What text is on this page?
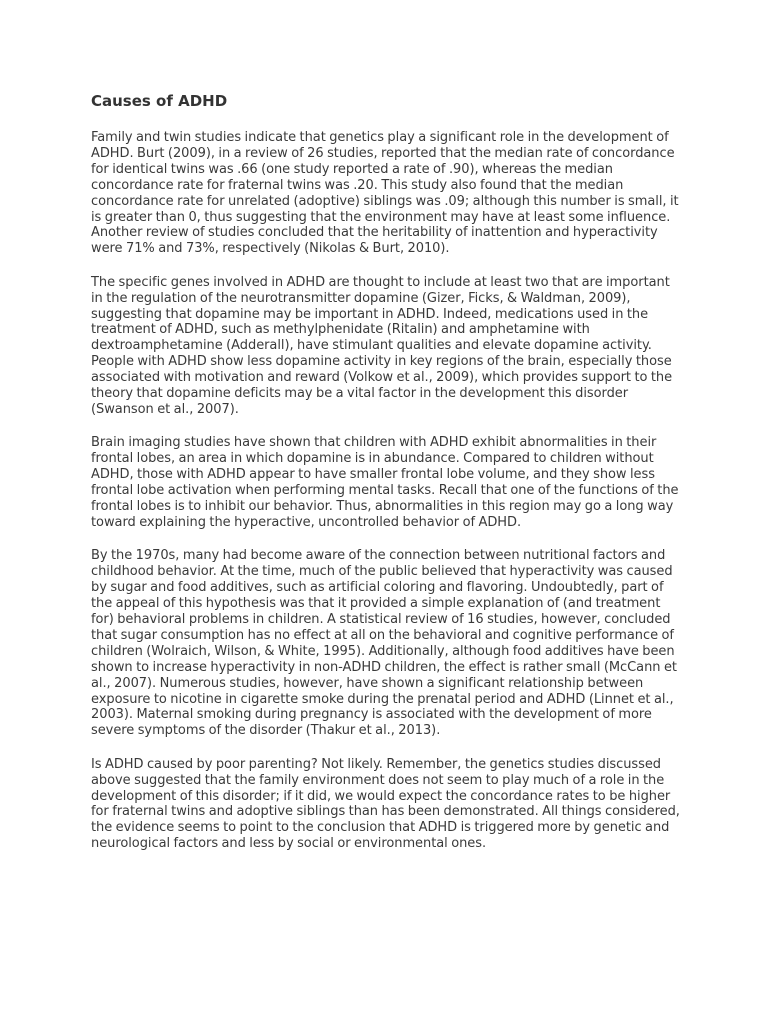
Causes of ADHD

Family and twin studies indicate that genetics play a significant role in the development of ADHD. Burt (2009), in a review of 26 studies, reported that the median rate of concordance for identical twins was .66 (one study reported a rate of .90), whereas the median concordance rate for fraternal twins was .20. This study also found that the median concordance rate for unrelated (adoptive) siblings was .09; although this number is small, it is greater than 0, thus suggesting that the environment may have at least some influence. Another review of studies concluded that the heritability of inattention and hyperactivity were 71% and 73%, respectively (Nikolas & Burt, 2010).

The specific genes involved in ADHD are thought to include at least two that are important in the regulation of the neurotransmitter dopamine (Gizer, Ficks, & Waldman, 2009), suggesting that dopamine may be important in ADHD. Indeed, medications used in the treatment of ADHD, such as methylphenidate (Ritalin) and amphetamine with dextroamphetamine (Adderall), have stimulant qualities and elevate dopamine activity. People with ADHD show less dopamine activity in key regions of the brain, especially those associated with motivation and reward (Volkow et al., 2009), which provides support to the theory that dopamine deficits may be a vital factor in the development this disorder (Swanson et al., 2007).

Brain imaging studies have shown that children with ADHD exhibit abnormalities in their frontal lobes, an area in which dopamine is in abundance. Compared to children without ADHD, those with ADHD appear to have smaller frontal lobe volume, and they show less frontal lobe activation when performing mental tasks. Recall that one of the functions of the frontal lobes is to inhibit our behavior. Thus, abnormalities in this region may go a long way toward explaining the hyperactive, uncontrolled behavior of ADHD.

By the 1970s, many had become aware of the connection between nutritional factors and childhood behavior. At the time, much of the public believed that hyperactivity was caused by sugar and food additives, such as artificial coloring and flavoring. Undoubtedly, part of the appeal of this hypothesis was that it provided a simple explanation of (and treatment for) behavioral problems in children. A statistical review of 16 studies, however, concluded that sugar consumption has no effect at all on the behavioral and cognitive performance of children (Wolraich, Wilson, & White, 1995). Additionally, although food additives have been shown to increase hyperactivity in non-ADHD children, the effect is rather small (McCann et al., 2007). Numerous studies, however, have shown a significant relationship between exposure to nicotine in cigarette smoke during the prenatal period and ADHD (Linnet et al., 2003). Maternal smoking during pregnancy is associated with the development of more severe symptoms of the disorder (Thakur et al., 2013).

Is ADHD caused by poor parenting? Not likely. Remember, the genetics studies discussed above suggested that the family environment does not seem to play much of a role in the development of this disorder; if it did, we would expect the concordance rates to be higher for fraternal twins and adoptive siblings than has been demonstrated. All things considered, the evidence seems to point to the conclusion that ADHD is triggered more by genetic and neurological factors and less by social or environmental ones.
